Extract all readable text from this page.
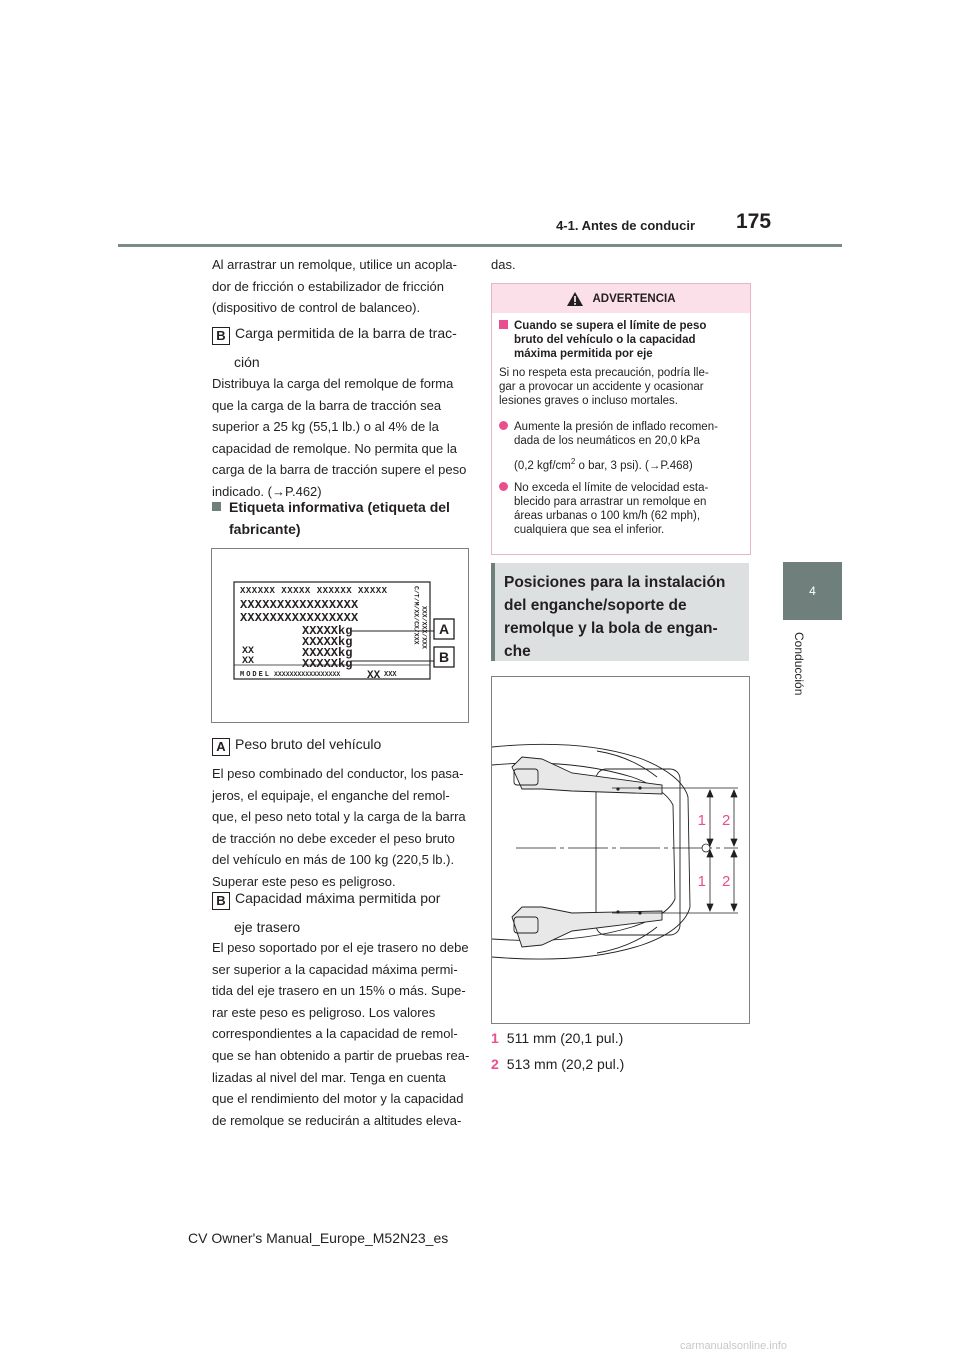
4-1. Antes de conducir 175
4
Conducción
Al arrastrar un remolque, utilice un acopla-
dor de fricción o estabilizador de fricción
(dispositivo de control de balanceo).
B Carga permitida de la barra de trac-
ción
Distribuya la carga del remolque de forma
que la carga de la barra de tracción sea
superior a 25 kg (55,1 lb.) o al 4% de la
capacidad de remolque. No permita que la
carga de la barra de tracción supere el peso
indicado. (→P.462)
Etiqueta informativa (etiqueta del
fabricante)
XXXXXX XXXXX XXXXXX XXXXX
XXXXXXXXXXXXXXXX
XXXXXXXXXXXXXXXX
XXXXXkg
XXXXXkg
XXXXXkg
XXXXXkg
XX
XX
MODEL XXXXXXXXXXXXXXXXX XX XXX
C/T/M/XX/CX/XXX XXX/XXX/XXX A
B
A Peso bruto del vehículo
El peso combinado del conductor, los pasa-
jeros, el equipaje, el enganche del remol-
que, el peso neto total y la carga de la barra
de tracción no debe exceder el peso bruto
del vehículo en más de 100 kg (220,5 lb.).
Superar este peso es peligroso.
B Capacidad máxima permitida por
eje trasero
El peso soportado por el eje trasero no debe
ser superior a la capacidad máxima permi-
tida del eje trasero en un 15% o más. Supe-
rar este peso es peligroso. Los valores
correspondientes a la capacidad de remol-
que se han obtenido a partir de pruebas rea-
lizadas al nivel del mar. Tenga en cuenta
que el rendimiento del motor y la capacidad
de remolque se reducirán a altitudes eleva-
das.
ADVERTENCIA
Cuando se supera el límite de peso
bruto del vehículo o la capacidad
máxima permitida por eje
Si no respeta esta precaución, podría lle-
gar a provocar un accidente y ocasionar
lesiones graves o incluso mortales.
Aumente la presión de inflado recomen-
dada de los neumáticos en 20,0 kPa
(0,2 kgf/$cm^2$ o bar, 3 psi). (→P.468)
No exceda el límite de velocidad esta-
blecido para arrastrar un remolque en
áreas urbanas o 100 km/h (62 mph),
cualquiera que sea el inferior.
Posiciones para la instalación
del enganche/soporte de
remolque y la bola de engan-
che
1 2
1 2
1 511 mm (20,1 pul.)
2 513 mm (20,2 pul.)
CV Owner's Manual_Europe_M52N23_es
carmanualsonline.info
